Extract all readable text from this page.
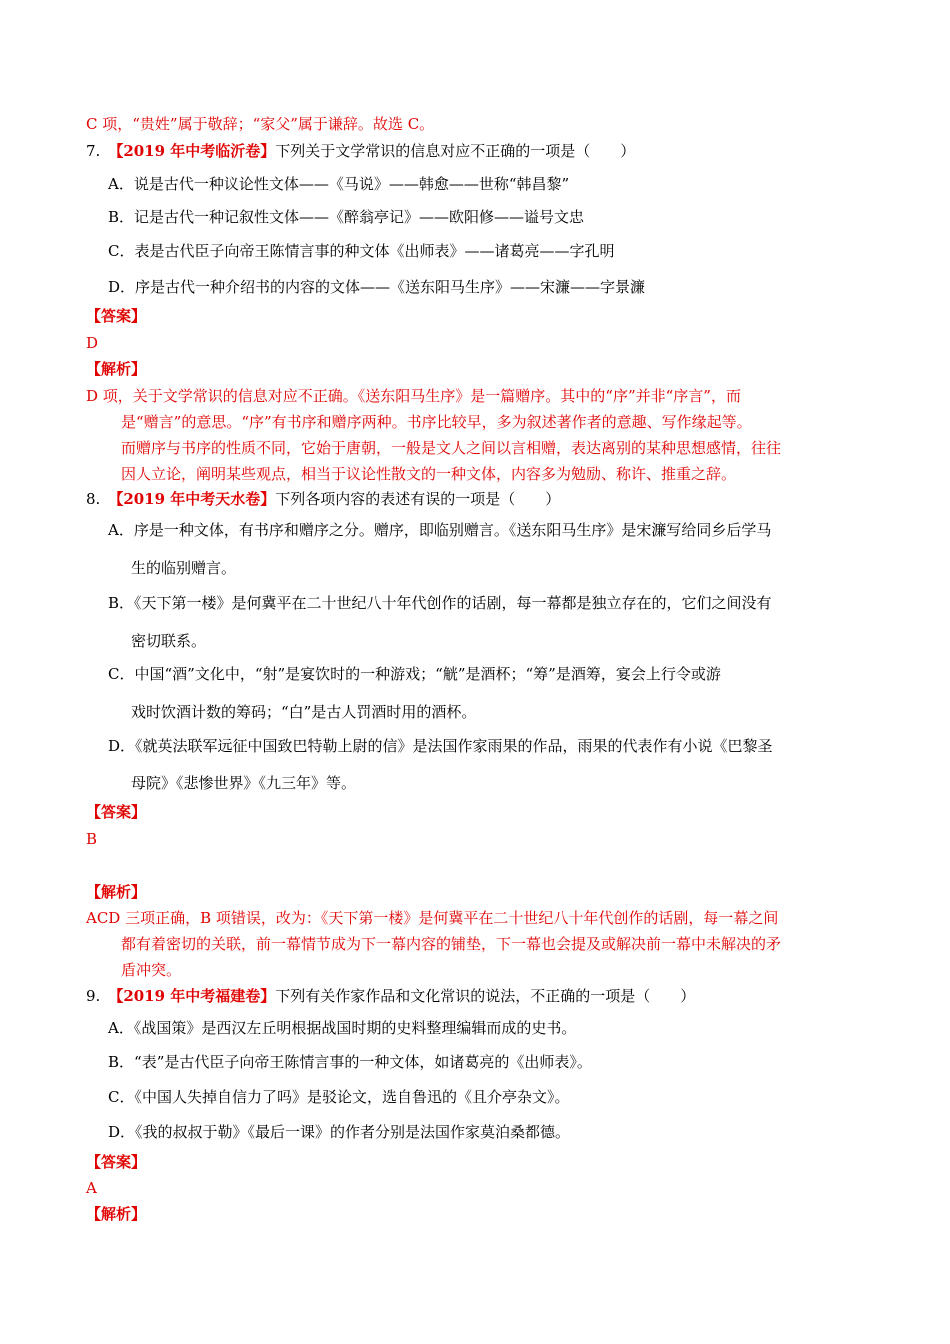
C 项，“贵姓”属于敬辞；“家父”属于谦辞。故选 C。
7. 【2019 年中考临沂卷】下列关于文学常识的信息对应不正确的一项是（　　）
A．说是古代一种议论性文体——《马说》——韩愈——世称“韩昌黎”
B．记是古代一种记叙性文体——《醉翁亭记》——欧阳修——谥号文忠
C．表是古代臣子向帝王陈情言事的种文体《出师表》——诸葛亮——字孔明
D．序是古代一种介绍书的内容的文体——《送东阳马生序》——宋濂——字景濂
【答案】
D
【解析】
D 项，关于文学常识的信息对应不正确。《送东阳马生序》是一篇赠序。其中的“序”并非“序言”，而
是“赠言”的意思。“序”有书序和赠序两种。书序比较早，多为叙述著作者的意趣、写作缘起等。
而赠序与书序的性质不同，它始于唐朝，一般是文人之间以言相赠，表达离别的某种思想感情，往往
因人立论，阐明某些观点，相当于议论性散文的一种文体，内容多为勉励、称许、推重之辞。
8. 【2019 年中考天水卷】下列各项内容的表述有误的一项是（　　）
A．序是一种文体，有书序和赠序之分。赠序，即临别赠言。《送东阳马生序》是宋濂写给同乡后学马
生的临别赠言。
B．《天下第一楼》是何冀平在二十世纪八十年代创作的话剧，每一幕都是独立存在的，它们之间没有
密切联系。
C．中国“酒”文化中，“射”是宴饮时的一种游戏；“觥”是酒杯；“筹”是酒筹，宴会上行令或游
戏时饮酒计数的筹码；“白”是古人罚酒时用的酒杯。
D．《就英法联军远征中国致巴特勒上尉的信》是法国作家雨果的作品，雨果的代表作有小说《巴黎圣
母院》《悲惨世界》《九三年》等。
【答案】
B
【解析】
ACD 三项正确，B 项错误，改为：《天下第一楼》是何冀平在二十世纪八十年代创作的话剧，每一幕之间
都有着密切的关联，前一幕情节成为下一幕内容的铺垫，下一幕也会提及或解决前一幕中未解决的矛
盾冲突。
9. 【2019 年中考福建卷】下列有关作家作品和文化常识的说法，不正确的一项是（　　）
A．《战国策》是西汉左丘明根据战国时期的史料整理编辑而成的史书。
B．“表”是古代臣子向帝王陈情言事的一种文体，如诸葛亮的《出师表》。
C．《中国人失掉自信力了吗》是驳论文，选自鲁迅的《且介亭杂文》。
D．《我的叔叔于勒》《最后一课》的作者分别是法国作家莫泊桑都德。
【答案】
A
【解析】
